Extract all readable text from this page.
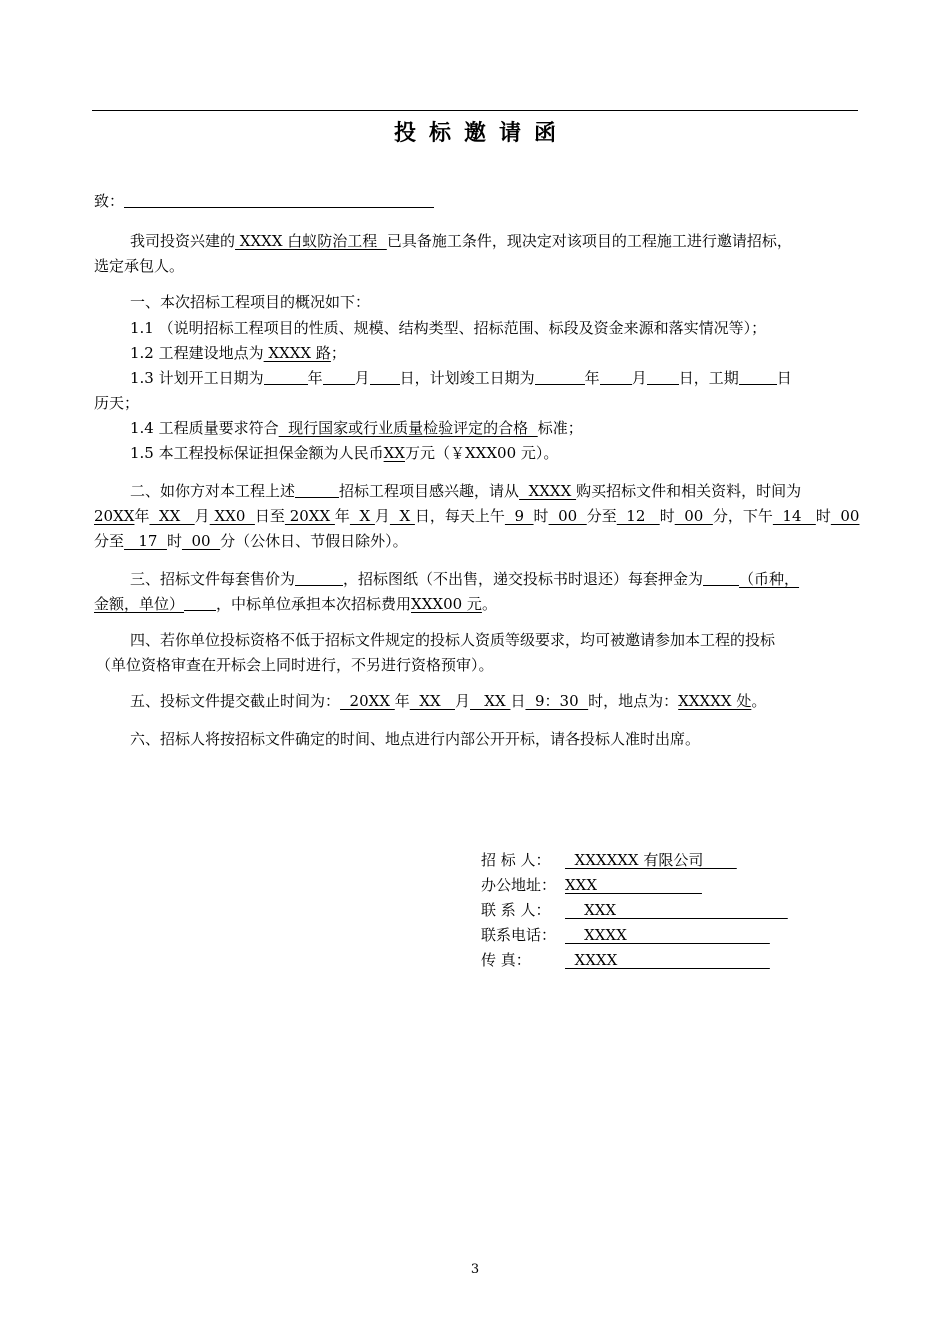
投标邀请函
致：
我司投资兴建的 XXXX 白蚁防治工程  已具备施工条件，现决定对该项目的工程施工进行邀请招标，
选定承包人。
一、本次招标工程项目的概况如下：
1.1 （说明招标工程项目的性质、规模、结构类型、招标范围、标段及资金来源和落实情况等）；
1.2 工程建设地点为 XXXX 路；
1.3 计划开工日期为	年 月 日，计划竣工日期为	年 月 日，工期	日
历天；
1.4 工程质量要求符合  现行国家或行业质量检验评定的合格  标准；
1.5 本工程投标保证担保金额为人民币XX万元（￥XXX00 元）。
二、如你方对本工程上述	招标工程项目感兴趣，请从  XXXX 购买招标文件和相关资料，时间为
20XX年  XX   月 XX0  日至 20XX 年  X 月  X 日，每天上午  9  时  00  分至  12   时  00  分，下午  14   时  00
分至   17  时  00  分（公休日、节假日除外）。
三、招标文件每套售价为	，招标图纸（不出售，递交投标书时退还）每套押金为 （币种，
金额，单位） ，中标单位承担本次招标费用XXX00 元。
四、若你单位投标资格不低于招标文件规定的投标人资质等级要求，均可被邀请参加本工程的投标
（单位资格审查在开标会上同时进行，不另进行资格预审）。
五、投标文件提交截止时间为：  20XX 年  XX   月   XX 日  9：30  时，地点为：XXXXX 处。
六、招标人将按招标文件确定的时间、地点进行内部公开开标，请各投标人准时出席。
招 标 人：  XXXXXX 有限公司
办公地址： XXX
联 系 人：    XXX
联系电话：    XXXX
传 真：  XXXX
3
